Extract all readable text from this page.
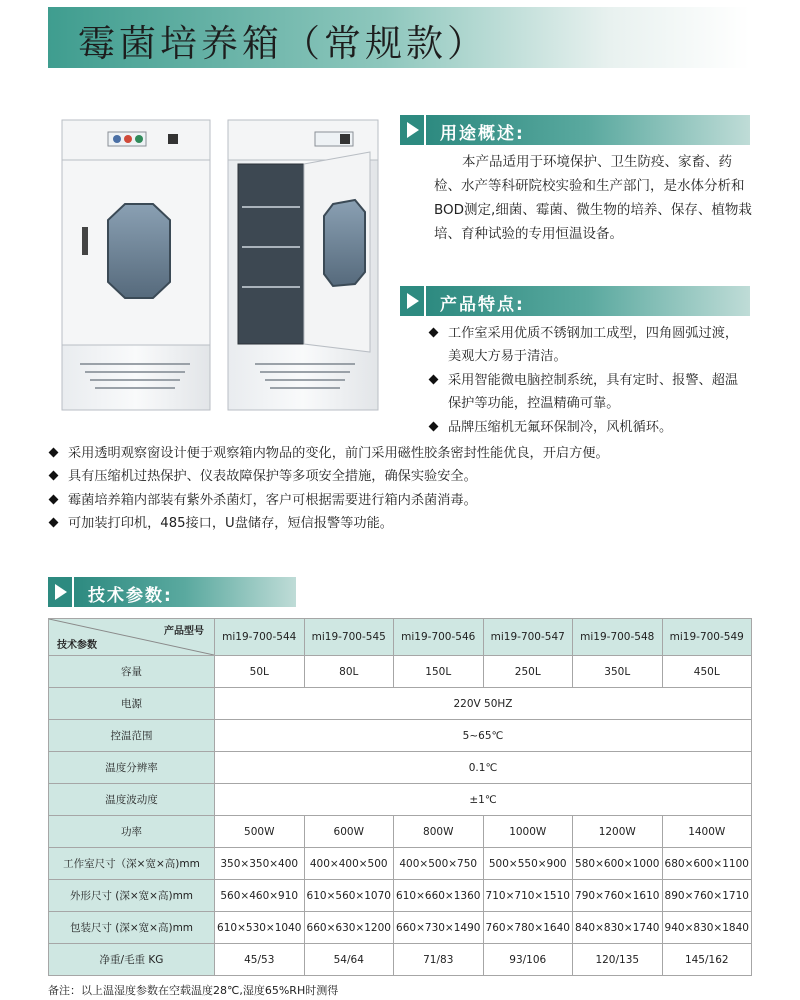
霉菌培养箱（常规款）
用途概述:
本产品适用于环境保护、卫生防疫、家畜、药检、水产等科研院校实验和生产部门，是水体分析和BOD测定,细菌、霉菌、微生物的培养、保存、植物栽培、育种试验的专用恒温设备。
产品特点:
工作室采用优质不锈钢加工成型，四角圆弧过渡，美观大方易于清洁。
采用智能微电脑控制系统，具有定时、报警、超温保护等功能，控温精确可靠。
品牌压缩机无氟环保制冷，风机循环。
采用透明观察窗设计便于观察箱内物品的变化，前门采用磁性胶条密封性能优良，开启方便。
具有压缩机过热保护、仪表故障保护等多项安全措施，确保实验安全。
霉菌培养箱内部装有紫外杀菌灯，客户可根据需要进行箱内杀菌消毒。
可加装打印机，485接口，U盘储存，短信报警等功能。
技术参数:
产品型号
技术参数	mi19-700-544	mi19-700-545	mi19-700-546	mi19-700-547	mi19-700-548	mi19-700-549
容量	50L	80L	150L	250L	350L	450L
电源	220V 50HZ					
控温范围	5~65℃					
温度分辨率	0.1℃					
温度波动度	±1℃					
功率	500W	600W	800W	1000W	1200W	1400W
工作室尺寸（深×宽×高)mm	350×350×400	400×400×500	400×500×750	500×550×900	580×600×1000	680×600×1100
外形尺寸 (深×宽×高)mm	560×460×910	610×560×1070	610×660×1360	710×710×1510	790×760×1610	890×760×1710
包装尺寸 (深×宽×高)mm	610×530×1040	660×630×1200	660×730×1490	760×780×1640	840×830×1740	940×830×1840
净重/毛重 KG	45/53	54/64	71/83	93/106	120/135	145/162
备注：以上温湿度参数在空载温度28℃,湿度65%RH时测得
